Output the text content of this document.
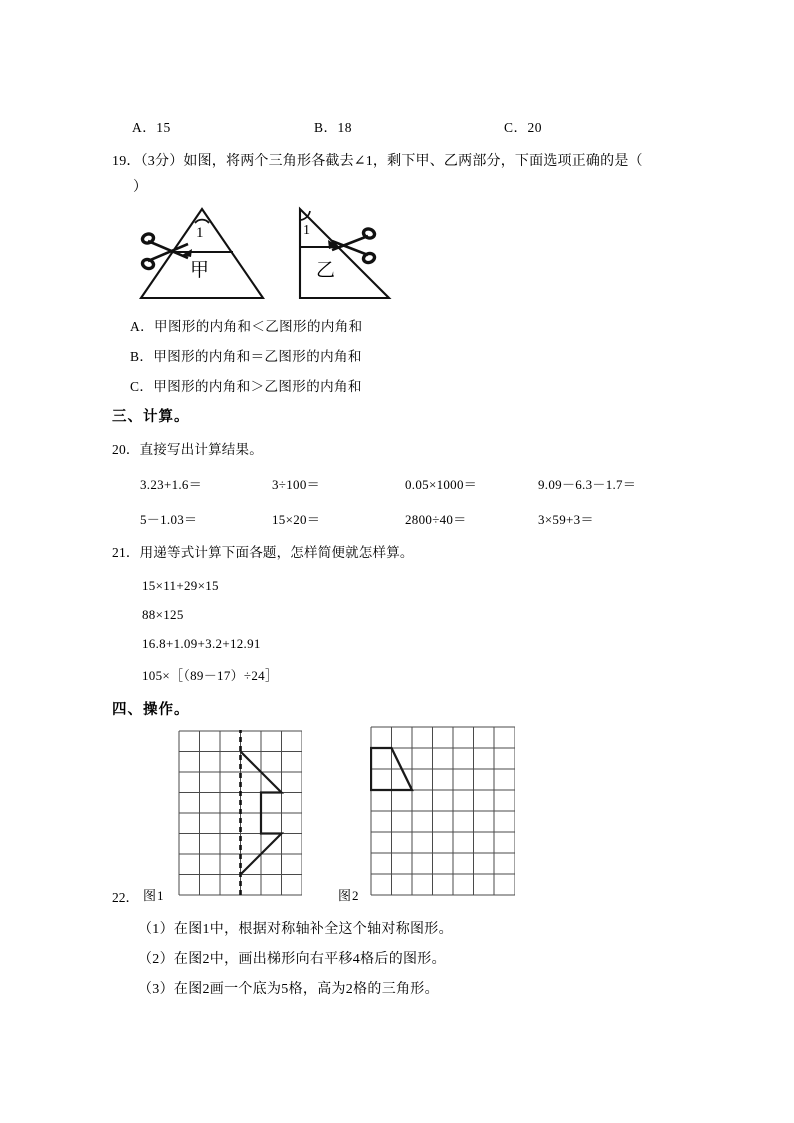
A．15	B．18	C．20
19．（3分）如图，将两个三角形各截去∠1，剩下甲、乙两部分，下面选项正确的是（
）
1
甲
1
乙
A．甲图形的内角和＜乙图形的内角和
B．甲图形的内角和＝乙图形的内角和
C．甲图形的内角和＞乙图形的内角和
三、计算。
20．直接写出计算结果。
3.23+1.6＝	3÷100＝	0.05×1000＝	9.09－6.3－1.7＝
5－1.03＝	15×20＝	2800÷40＝	3×59+3＝
21．用递等式计算下面各题，怎样简便就怎样算。
15×11+29×15
88×125
16.8+1.09+3.2+12.91
105×［（89－17）÷24］
四、操作。
图1	图2
22．
（1）在图1中，根据对称轴补全这个轴对称图形。
（2）在图2中，画出梯形向右平移4格后的图形。
（3）在图2画一个底为5格，高为2格的三角形。
